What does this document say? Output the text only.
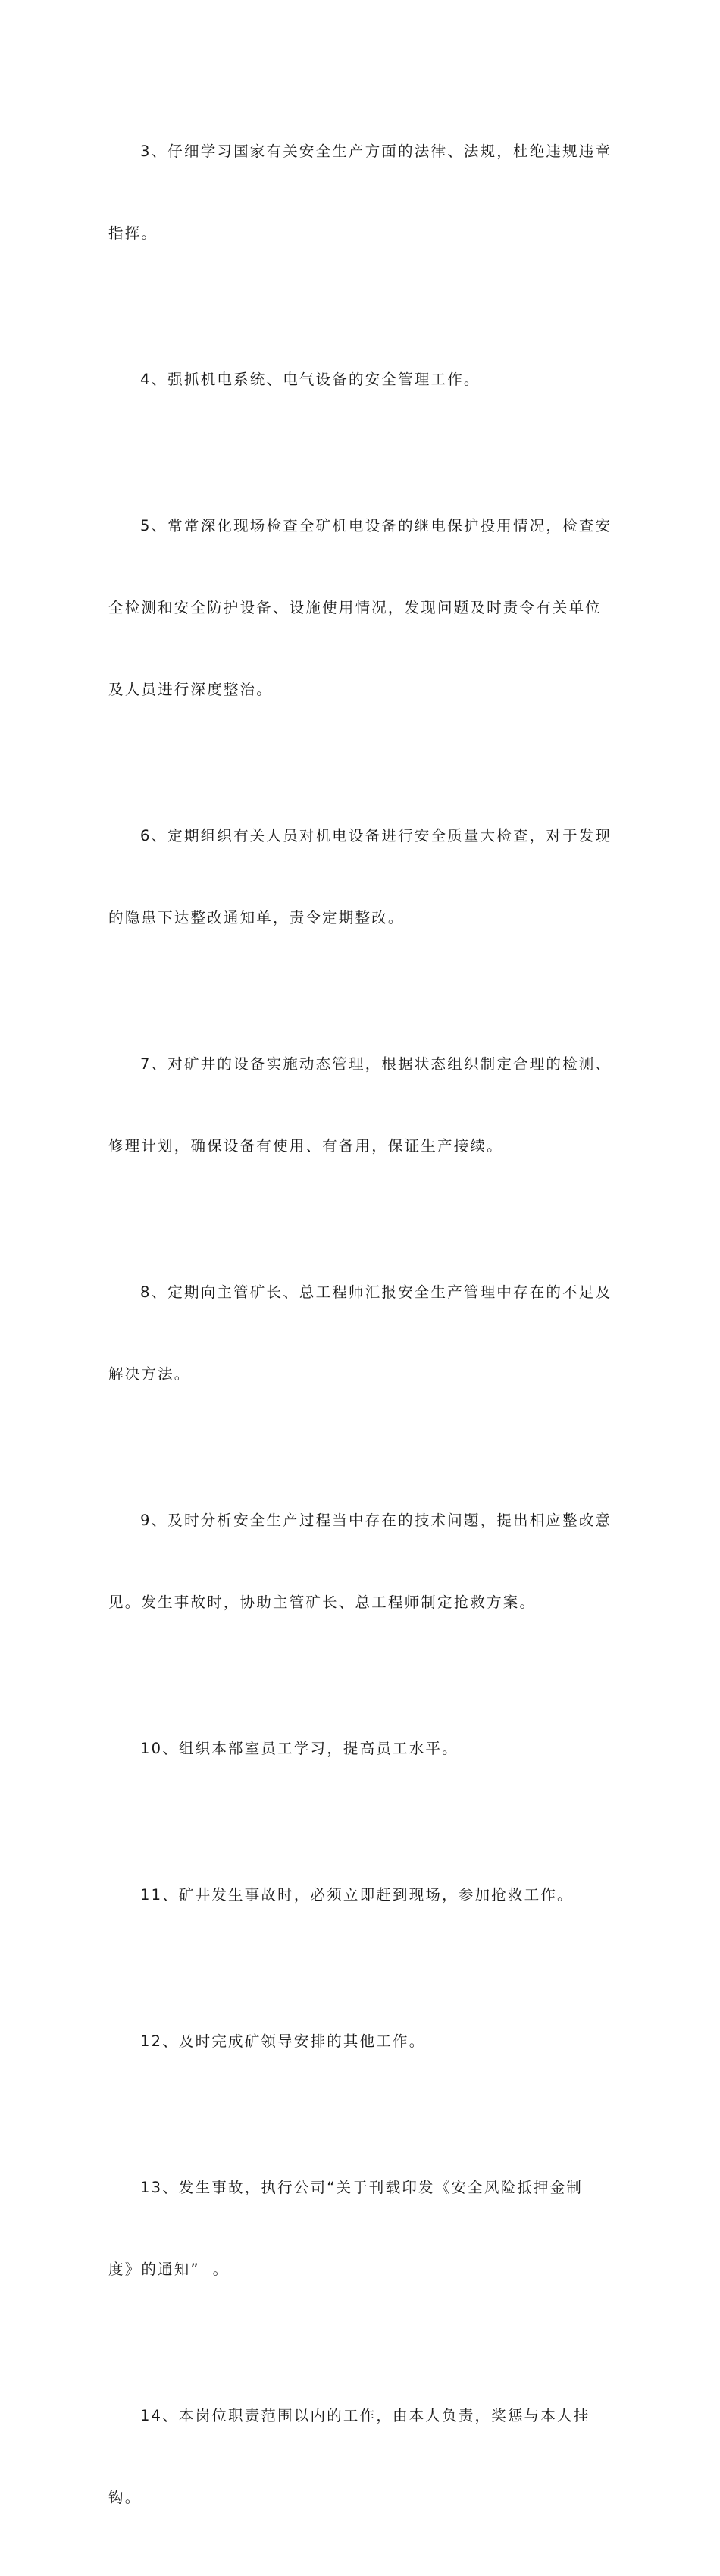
3、仔细学习国家有关安全生产方面的法律、法规，杜绝违规违章

指挥。

4、强抓机电系统、电气设备的安全管理工作。

5、常常深化现场检查全矿机电设备的继电保护投用情况，检查安

全检测和安全防护设备、设施使用情况，发现问题及时责令有关单位

及人员进行深度整治。

6、定期组织有关人员对机电设备进行安全质量大检查，对于发现

的隐患下达整改通知单，责令定期整改。

7、对矿井的设备实施动态管理，根据状态组织制定合理的检测、

修理计划，确保设备有使用、有备用，保证生产接续。

8、定期向主管矿长、总工程师汇报安全生产管理中存在的不足及

解决方法。

9、及时分析安全生产过程当中存在的技术问题，提出相应整改意

见。发生事故时，协助主管矿长、总工程师制定抢救方案。

10、组织本部室员工学习，提高员工水平。

11、矿井发生事故时，必须立即赶到现场，参加抢救工作。

12、及时完成矿领导安排的其他工作。

13、发生事故，执行公司“关于刊载印发《安全风险抵押金制

度》的通知”  。

14、本岗位职责范围以内的工作，由本人负责，奖惩与本人挂

钩。
